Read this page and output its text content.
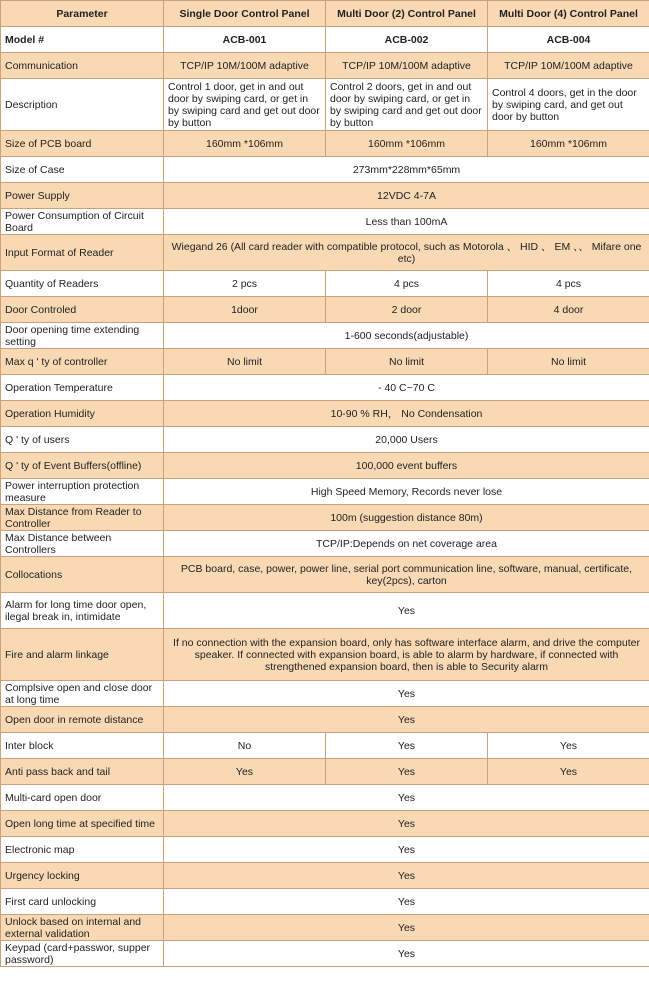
Parameter	Single Door Control Panel	Multi Door (2) Control Panel	Multi Door (4) Control Panel
Model #	ACB-001	ACB-002	ACB-004
Communication	TCP/IP 10M/100M adaptive	TCP/IP 10M/100M adaptive	TCP/IP 10M/100M adaptive
Description	Control 1 door, get in and out door by swiping card, or get in by swiping card and get out door by button	Control 2 doors, get in and out door by swiping card, or get in by swiping card and get out door by button	Control 4 doors, get in the door by swiping card, and get out door by button
Size of PCB board	160mm *106mm	160mm *106mm	160mm *106mm
Size of Case	273mm*228mm*65mm		
Power Supply	12VDC 4-7A		
Power Consumption of Circuit Board	Less than 100mA		
Input Format of Reader	Wiegand 26 (All card reader with compatible protocol, such as Motorola 、 HID 、 EM 、、 Mifare one etc)		
Quantity of Readers	2 pcs	4 pcs	4 pcs
Door Controled	1door	2 door	4 door
Door opening time extending setting	1-600 seconds(adjustable)		
Max q ' ty of controller	No limit	No limit	No limit
Operation Temperature	- 40 C~70 C		
Operation Humidity	10-90 % RH， No Condensation		
Q ' ty of users	20,000 Users		
Q ' ty of Event Buffers(offline)	100,000 event buffers		
Power interruption protection measure	High Speed Memory, Records never lose		
Max Distance from Reader to Controller	100m (suggestion distance 80m)		
Max Distance between Controllers	TCP/IP:Depends on net coverage area		
Collocations	PCB board, case, power, power line, serial port communication line, software, manual, certificate, key(2pcs), carton		
Alarm for long time door open, ilegal break in, intimidate	Yes		
Fire and alarm linkage	If no connection with the expansion board, only has software interface alarm, and drive the computer speaker. If connected with expansion board, is able to alarm by hardware, if connected with strengthened expansion board, then is able to Security alarm		
Complsive open and close door at long time	Yes		
Open door in remote distance	Yes		
Inter block	No	Yes	Yes
Anti pass back and tail	Yes	Yes	Yes
Multi-card open door	Yes		
Open long time at specified time	Yes		
Electronic map	Yes		
Urgency locking	Yes		
First card unlocking	Yes		
Unlock based on internal and external validation	Yes		
Keypad (card+passwor, supper password)	Yes		
